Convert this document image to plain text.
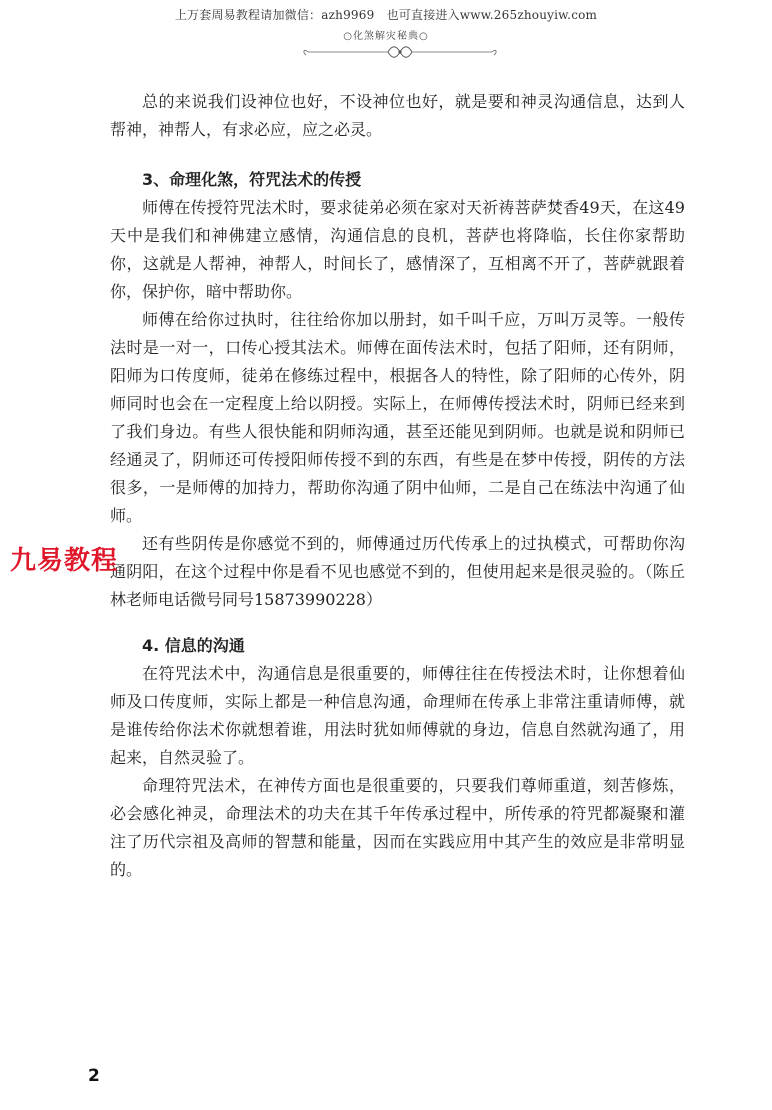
上万套周易教程请加微信：azh9969　也可直接进入www.265zhouyiw.com
○化煞解灾秘典○

总的来说我们设神位也好，不设神位也好，就是要和神灵沟通信息，达到人帮神，神帮人，有求必应，应之必灵。

3、命理化煞，符咒法术的传授

师傅在传授符咒法术时，要求徒弟必须在家对天祈祷菩萨焚香49天，在这49天中是我们和神佛建立感情，沟通信息的良机，菩萨也将降临，长住你家帮助你，这就是人帮神，神帮人，时间长了，感情深了，互相离不开了，菩萨就跟着你，保护你，暗中帮助你。

师傅在给你过执时，往往给你加以册封，如千叫千应，万叫万灵等。一般传法时是一对一，口传心授其法术。师傅在面传法术时，包括了阳师，还有阴师，阳师为口传度师，徒弟在修练过程中，根据各人的特性，除了阳师的心传外，阴师同时也会在一定程度上给以阴授。实际上，在师傅传授法术时，阴师已经来到了我们身边。有些人很快能和阴师沟通，甚至还能见到阴师。也就是说和阴师已经通灵了，阴师还可传授阳师传授不到的东西，有些是在梦中传授，阴传的方法很多，一是师傅的加持力，帮助你沟通了阴中仙师，二是自己在练法中沟通了仙师。

还有些阴传是你感觉不到的，师傅通过历代传承上的过执模式，可帮助你沟通阴阳，在这个过程中你是看不见也感觉不到的，但使用起来是很灵验的。（陈丘林老师电话微号同号15873990228）

4. 信息的沟通

在符咒法术中，沟通信息是很重要的，师傅往往在传授法术时，让你想着仙师及口传度师，实际上都是一种信息沟通，命理师在传承上非常注重请师傅，就是谁传给你法术你就想着谁，用法时犹如师傅就的身边，信息自然就沟通了，用起来，自然灵验了。

命理符咒法术，在神传方面也是很重要的，只要我们尊师重道，刻苦修炼，必会感化神灵，命理法术的功夫在其千年传承过程中，所传承的符咒都凝聚和灌注了历代宗祖及高师的智慧和能量，因而在实践应用中其产生的效应是非常明显的。

九易教程
2
